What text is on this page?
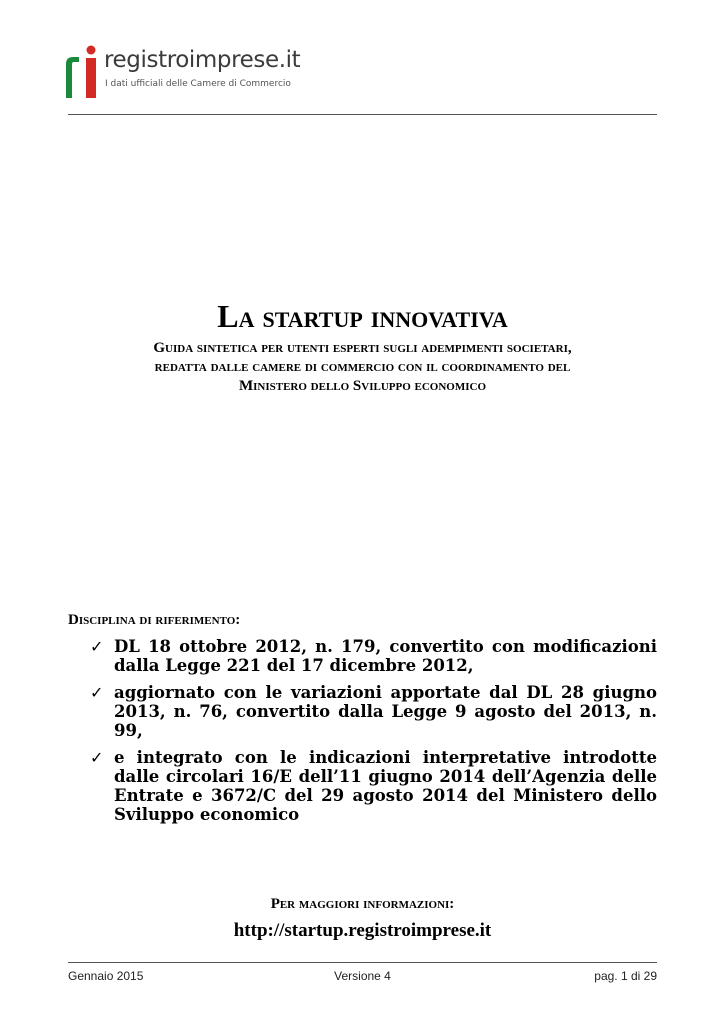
registroimprese.it
I dati ufficiali delle Camere di Commercio
La startup innovativa

Guida sintetica per utenti esperti sugli adempimenti societari,

redatta dalle camere di commercio con il coordinamento del

Ministero dello Sviluppo economico

Disciplina di riferimento:
✓ DL 18 ottobre 2012, n. 179, convertito con modificazioni dalla Legge 221 del 17 dicembre 2012,
✓ aggiornato con le variazioni apportate dal DL 28 giugno 2013, n. 76, convertito dalla Legge 9 agosto del 2013, n. 99,
✓ e integrato con le indicazioni interpretative introdotte dalle circolari 16/E dell’11 giugno 2014 dell’Agenzia delle Entrate e 3672/C del 29 agosto 2014 del Ministero dello Sviluppo economico
Per maggiori informazioni:
http://startup.registroimprese.it
Gennaio 2015	Versione 4	pag. 1 di 29
